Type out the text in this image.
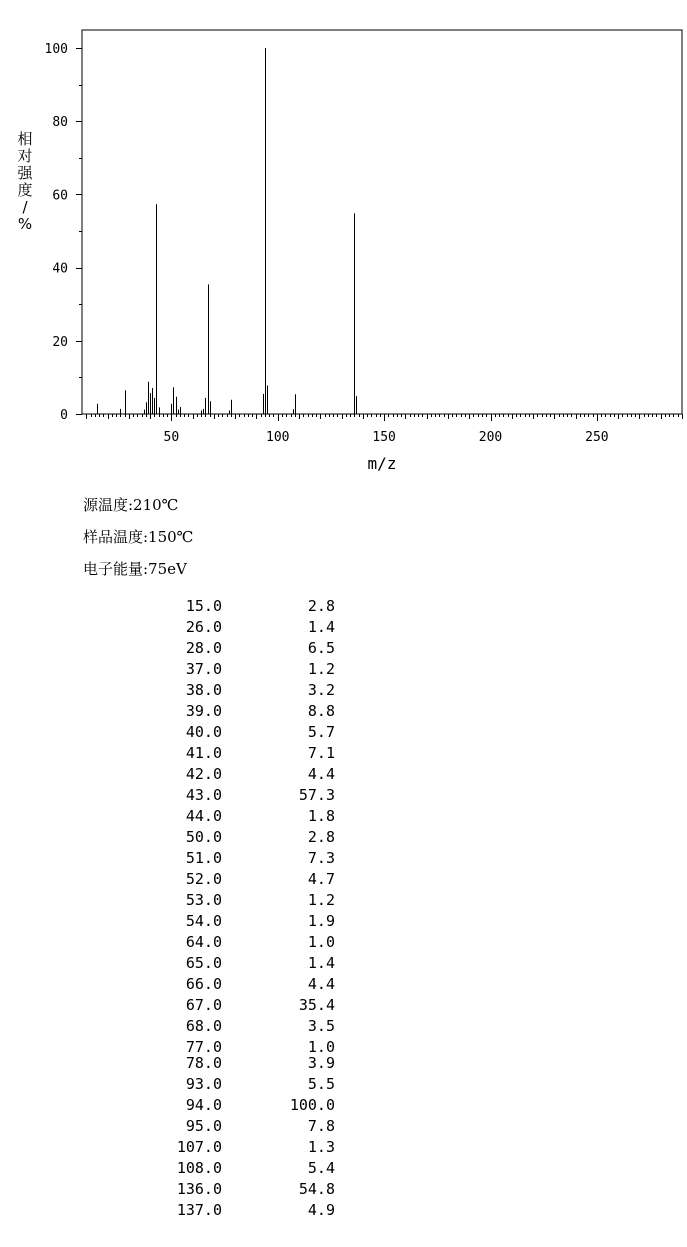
50	100	150	200	250
0
20
40
60
80
100
m/z
相对强度/ %
源温度:210℃
样品温度:150℃
电子能量:75eV
15.0	2.8
26.0	1.4
28.0	6.5
37.0	1.2
38.0	3.2
39.0	8.8
40.0	5.7
41.0	7.1
42.0	4.4
43.0	57.3
44.0	1.8
50.0	2.8
51.0	7.3
52.0	4.7
53.0	1.2
54.0	1.9
64.0	1.0
65.0	1.4
66.0	4.4
67.0	35.4
68.0	3.5
77.0	1.0
78.0	3.9
93.0	5.5
94.0	100.0
95.0	7.8
107.0	1.3
108.0	5.4
136.0	54.8
137.0	4.9
